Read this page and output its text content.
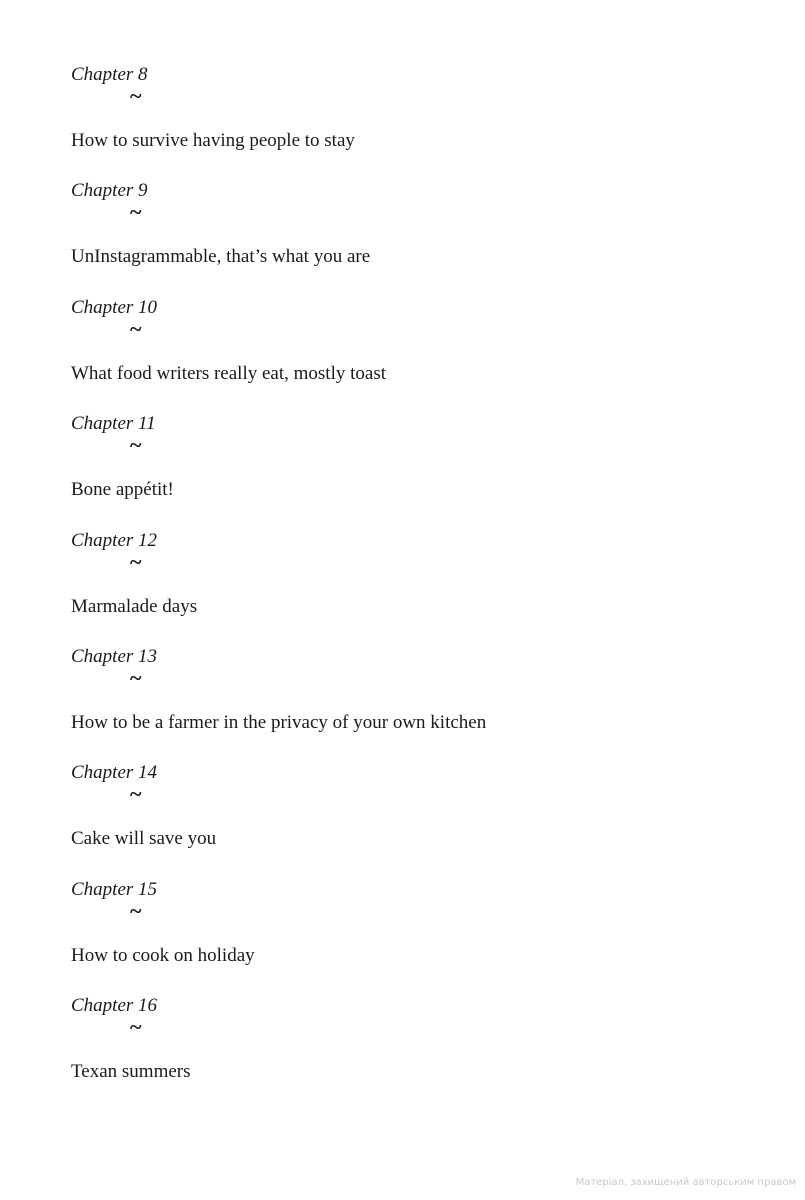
Chapter 8

~

How to survive having people to stay

Chapter 9

~

UnInstagrammable, that’s what you are

Chapter 10

~

What food writers really eat, mostly toast

Chapter 11

~

Bone appétit!

Chapter 12

~

Marmalade days

Chapter 13

~

How to be a farmer in the privacy of your own kitchen

Chapter 14

~

Cake will save you

Chapter 15

~

How to cook on holiday

Chapter 16

~

Texan summers

Матеріал, захищений авторським правом
